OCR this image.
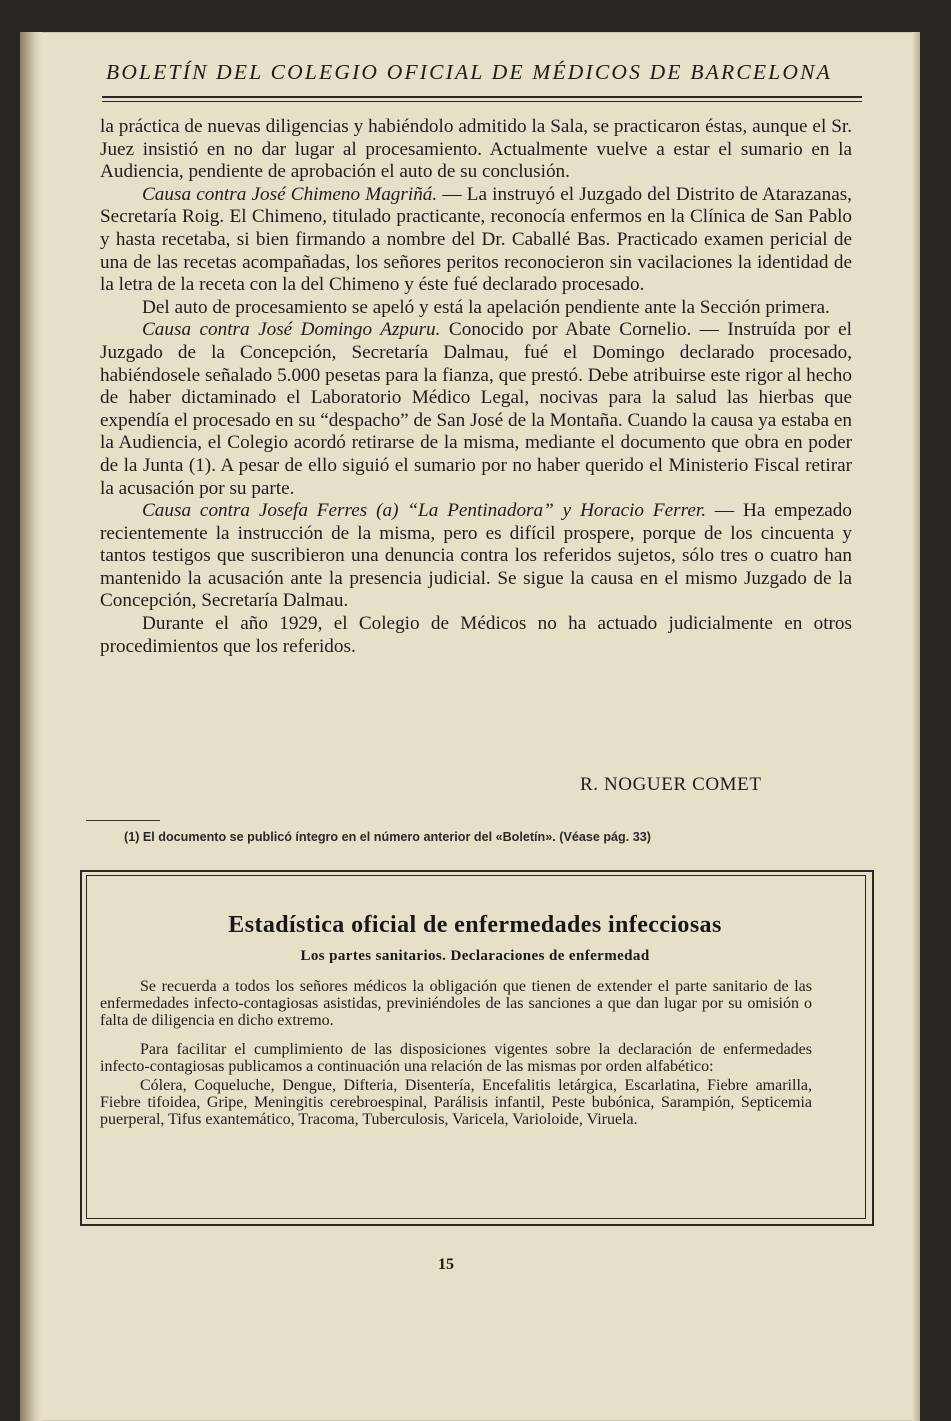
BOLETÍN DEL COLEGIO OFICIAL DE MÉDICOS DE BARCELONA

la práctica de nuevas diligencias y habiéndolo admitido la Sala, se practicaron éstas, aunque el Sr. Juez insistió en no dar lugar al procesamiento. Actualmente vuelve a estar el sumario en la Audiencia, pendiente de aprobación el auto de su conclusión.

Causa contra José Chimeno Magriñá. — La instruyó el Juzgado del Distrito de Atarazanas, Secretaría Roig. El Chimeno, titulado practicante, reconocía enfermos en la Clínica de San Pablo y hasta recetaba, si bien firmando a nombre del Dr. Caballé Bas. Practicado examen pericial de una de las recetas acompañadas, los señores peritos reconocieron sin vacilaciones la identidad de la letra de la receta con la del Chimeno y éste fué declarado procesado.

Del auto de procesamiento se apeló y está la apelación pendiente ante la Sección primera.

Causa contra José Domingo Azpuru. Conocido por Abate Cornelio. — Instruída por el Juzgado de la Concepción, Secretaría Dalmau, fué el Domingo declarado procesado, habiéndosele señalado 5.000 pesetas para la fianza, que prestó. Debe atribuirse este rigor al hecho de haber dictaminado el Laboratorio Médico Legal, nocivas para la salud las hierbas que expendía el procesado en su “despacho” de San José de la Montaña. Cuando la causa ya estaba en la Audiencia, el Colegio acordó retirarse de la misma, mediante el documento que obra en poder de la Junta (1). A pesar de ello siguió el sumario por no haber querido el Ministerio Fiscal retirar la acusación por su parte.

Causa contra Josefa Ferres (a) “La Pentinadora” y Horacio Ferrer. — Ha empezado recientemente la instrucción de la misma, pero es difícil prospere, porque de los cincuenta y tantos testigos que suscribieron una denuncia contra los referidos sujetos, sólo tres o cuatro han mantenido la acusación ante la presencia judicial. Se sigue la causa en el mismo Juzgado de la Concepción, Secretaría Dalmau.

Durante el año 1929, el Colegio de Médicos no ha actuado judicialmente en otros procedimientos que los referidos.

R. NOGUER COMET
(1) El documento se publicó íntegro en el número anterior del «Boletín». (Véase pág. 33)
Estadística oficial de enfermedades infecciosas
Los partes sanitarios. Declaraciones de enfermedad

Se recuerda a todos los señores médicos la obligación que tienen de extender el parte sanitario de las enfermedades infecto-contagiosas asistidas, previniéndoles de las sanciones a que dan lugar por su omisión o falta de diligencia en dicho extremo.

Para facilitar el cumplimiento de las disposiciones vigentes sobre la declaración de enfermedades infecto-contagiosas publicamos a continuación una relación de las mismas por orden alfabético:

Cólera, Coqueluche, Dengue, Difteria, Disentería, Encefalitis letárgica, Escarlatina, Fiebre amarilla, Fiebre tifoidea, Gripe, Meningitis cerebroespinal, Parálisis infantil, Peste bubónica, Sarampión, Septicemia puerperal, Tifus exantemático, Tracoma, Tuberculosis, Varicela, Varioloide, Viruela.

15
